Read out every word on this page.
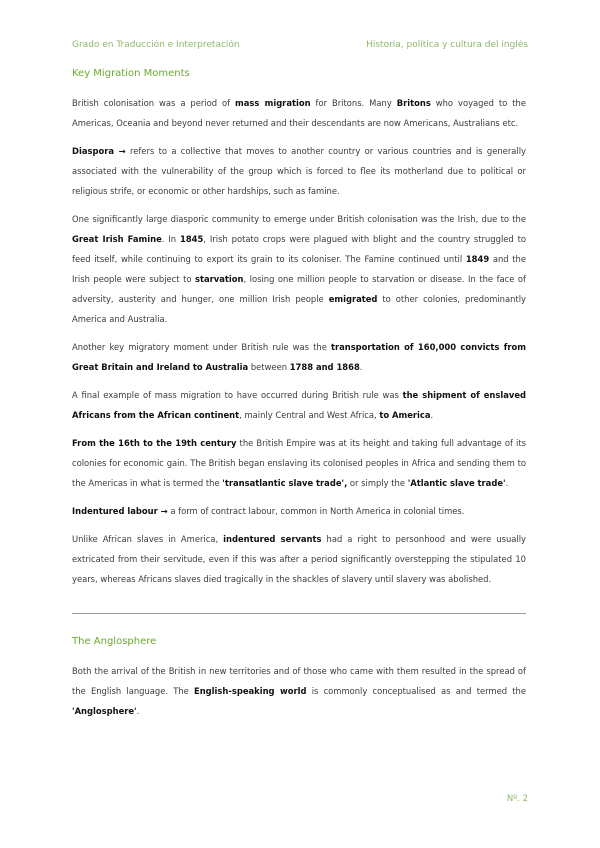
Grado en Traducción e Interpretación	Historia, política y cultura del inglés
Key Migration Moments

British colonisation was a period of mass migration for Britons. Many Britons who voyaged to the Americas, Oceania and beyond never returned and their descendants are now Americans, Australians etc.

Diaspora → refers to a collective that moves to another country or various countries and is generally associated with the vulnerability of the group which is forced to flee its motherland due to political or religious strife, or economic or other hardships, such as famine.

One significantly large diasporic community to emerge under British colonisation was the Irish, due to the Great Irish Famine. In 1845, Irish potato crops were plagued with blight and the country struggled to feed itself, while continuing to export its grain to its coloniser. The Famine continued until 1849 and the Irish people were subject to starvation, losing one million people to starvation or disease. In the face of adversity, austerity and hunger, one million Irish people emigrated to other colonies, predominantly America and Australia.

Another key migratory moment under British rule was the transportation of 160,000 convicts from Great Britain and Ireland to Australia between 1788 and 1868.

A final example of mass migration to have occurred during British rule was the shipment of enslaved Africans from the African continent, mainly Central and West Africa, to America.

From the 16th to the 19th century the British Empire was at its height and taking full advantage of its colonies for economic gain. The British began enslaving its colonised peoples in Africa and sending them to the Americas in what is termed the 'transatlantic slave trade', or simply the 'Atlantic slave trade'.

Indentured labour → a form of contract labour, common in North America in colonial times.

Unlike African slaves in America, indentured servants had a right to personhood and were usually extricated from their servitude, even if this was after a period significantly overstepping the stipulated 10 years, whereas Africans slaves died tragically in the shackles of slavery until slavery was abolished.

The Anglosphere

Both the arrival of the British in new territories and of those who came with them resulted in the spread of the English language. The English-speaking world is commonly conceptualised as and termed the 'Anglosphere'.

Nº. 2
